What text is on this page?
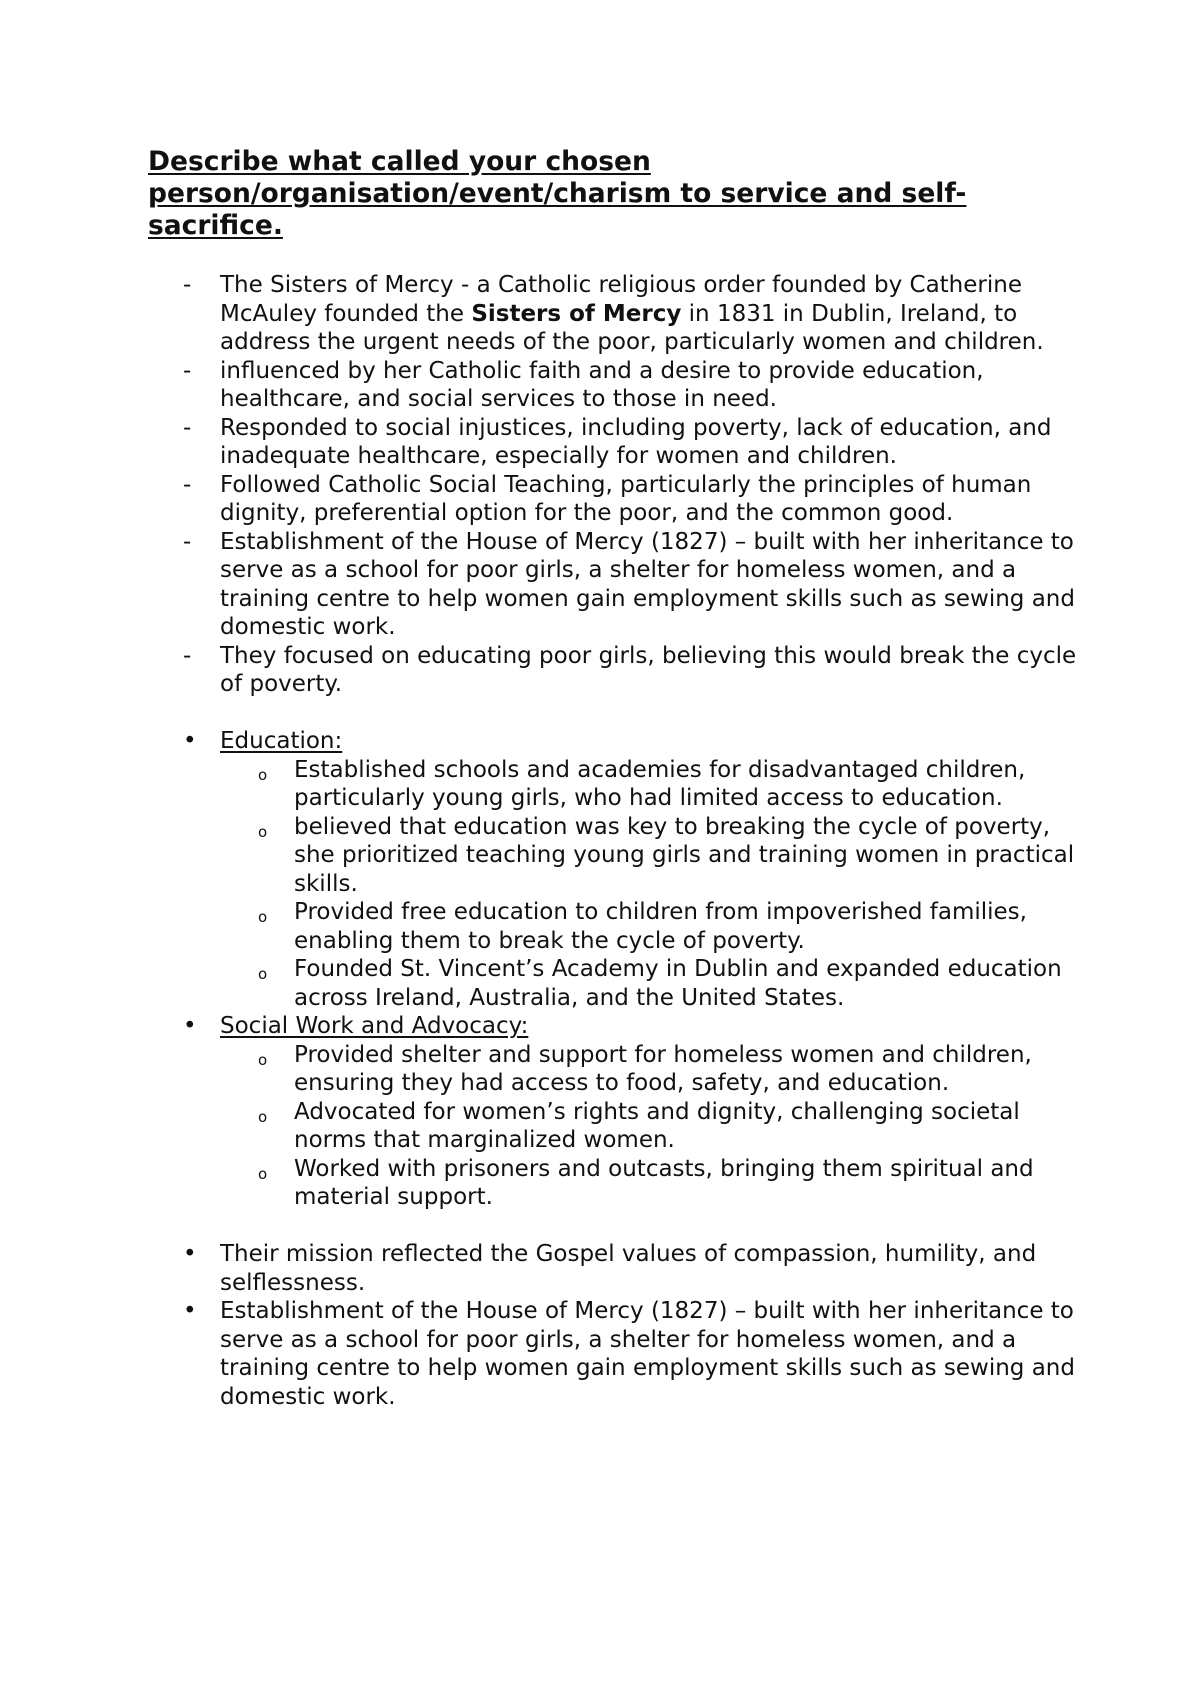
Describe what called your chosen person/organisation/event/charism to service and self-sacrifice.
-	The Sisters of Mercy - a Catholic religious order founded by Catherine McAuley founded the Sisters of Mercy in 1831 in Dublin, Ireland, to address the urgent needs of the poor, particularly women and children.
-	influenced by her Catholic faith and a desire to provide education, healthcare, and social services to those in need.
-	Responded to social injustices, including poverty, lack of education, and inadequate healthcare, especially for women and children.
-	Followed Catholic Social Teaching, particularly the principles of human dignity, preferential option for the poor, and the common good.
-	Establishment of the House of Mercy (1827) – built with her inheritance to serve as a school for poor girls, a shelter for homeless women, and a training centre to help women gain employment skills such as sewing and domestic work.
-	They focused on educating poor girls, believing this would break the cycle of poverty.
• Education:
o	Established schools and academies for disadvantaged children, particularly young girls, who had limited access to education.
o	believed that education was key to breaking the cycle of poverty, she prioritized teaching young girls and training women in practical skills.
o	Provided free education to children from impoverished families, enabling them to break the cycle of poverty.
o	Founded St. Vincent’s Academy in Dublin and expanded education across Ireland, Australia, and the United States.
• Social Work and Advocacy:
o	Provided shelter and support for homeless women and children, ensuring they had access to food, safety, and education.
o	Advocated for women’s rights and dignity, challenging societal norms that marginalized women.
o	Worked with prisoners and outcasts, bringing them spiritual and material support.
• Their mission reflected the Gospel values of compassion, humility, and selflessness.
• Establishment of the House of Mercy (1827) – built with her inheritance to serve as a school for poor girls, a shelter for homeless women, and a training centre to help women gain employment skills such as sewing and domestic work.
